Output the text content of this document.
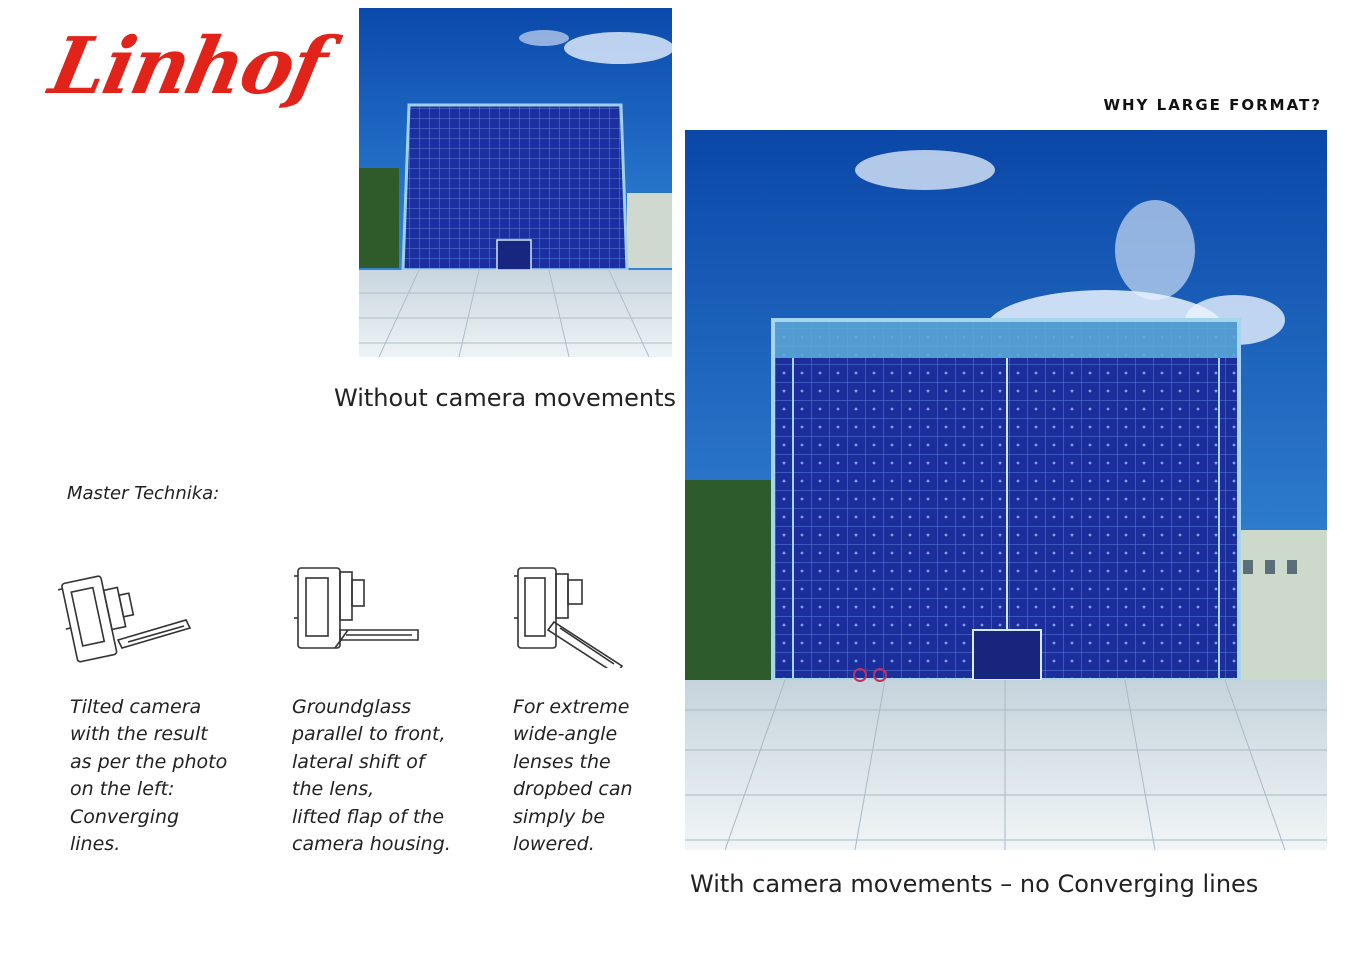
Linhof	WHY LARGE FORMAT?
Without camera movements
With camera movements – no Converging lines
Master Technika:
Tilted camera
with the result
as per the photo
on the left:
Converging
lines.
Groundglass
parallel to front,
lateral shift of
the lens,
lifted flap of the
camera housing.
For extreme
wide-angle
lenses the
dropbed can
simply be
lowered.
